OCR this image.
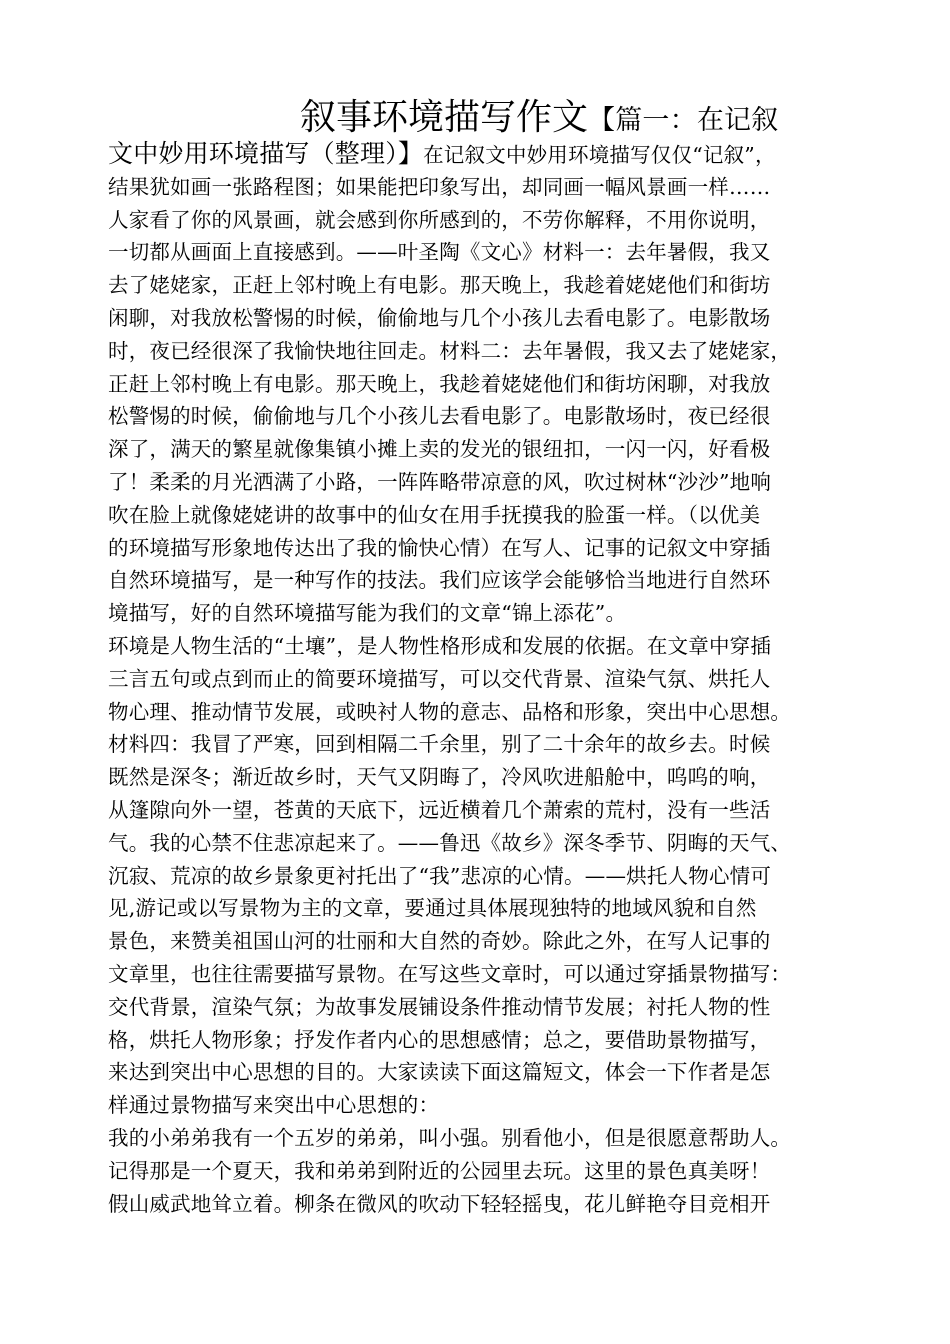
叙事环境描写作文【篇一：在记叙
文中妙用环境描写（整理）】在记叙文中妙用环境描写仅仅“记叙”，
结果犹如画一张路程图；如果能把印象写出，却同画一幅风景画一样……
人家看了你的风景画，就会感到你所感到的，不劳你解释，不用你说明，
一切都从画面上直接感到。——叶圣陶《文心》材料一：去年暑假，我又
去了姥姥家，正赶上邻村晚上有电影。那天晚上，我趁着姥姥他们和街坊
闲聊，对我放松警惕的时候，偷偷地与几个小孩儿去看电影了。电影散场
时，夜已经很深了我愉快地往回走。材料二：去年暑假，我又去了姥姥家，
正赶上邻村晚上有电影。那天晚上，我趁着姥姥他们和街坊闲聊，对我放
松警惕的时候，偷偷地与几个小孩儿去看电影了。电影散场时，夜已经很
深了，满天的繁星就像集镇小摊上卖的发光的银纽扣，一闪一闪，好看极
了！柔柔的月光洒满了小路，一阵阵略带凉意的风，吹过树林“沙沙”地响
吹在脸上就像姥姥讲的故事中的仙女在用手抚摸我的脸蛋一样。（以优美
的环境描写形象地传达出了我的愉快心情）在写人、记事的记叙文中穿插
自然环境描写，是一种写作的技法。我们应该学会能够恰当地进行自然环
境描写，好的自然环境描写能为我们的文章“锦上添花”。
环境是人物生活的“土壤”，是人物性格形成和发展的依据。在文章中穿插
三言五句或点到而止的简要环境描写，可以交代背景、渲染气氛、烘托人
物心理、推动情节发展，或映衬人物的意志、品格和形象，突出中心思想。
材料四：我冒了严寒，回到相隔二千余里，别了二十余年的故乡去。时候
既然是深冬；渐近故乡时，天气又阴晦了，冷风吹进船舱中，呜呜的响，
从篷隙向外一望，苍黄的天底下，远近横着几个萧索的荒村，没有一些活
气。我的心禁不住悲凉起来了。——鲁迅《故乡》深冬季节、阴晦的天气、
沉寂、荒凉的故乡景象更衬托出了“我”悲凉的心情。——烘托人物心情可
见,游记或以写景物为主的文章，要通过具体展现独特的地域风貌和自然
景色，来赞美祖国山河的壮丽和大自然的奇妙。除此之外，在写人记事的
文章里，也往往需要描写景物。在写这些文章时，可以通过穿插景物描写：
交代背景，渲染气氛；为故事发展铺设条件推动情节发展；衬托人物的性
格，烘托人物形象；抒发作者内心的思想感情；总之，要借助景物描写，
来达到突出中心思想的目的。大家读读下面这篇短文，体会一下作者是怎
样通过景物描写来突出中心思想的：
我的小弟弟我有一个五岁的弟弟，叫小强。别看他小，但是很愿意帮助人。
记得那是一个夏天，我和弟弟到附近的公园里去玩。这里的景色真美呀！
假山威武地耸立着。柳条在微风的吹动下轻轻摇曳，花儿鲜艳夺目竞相开
